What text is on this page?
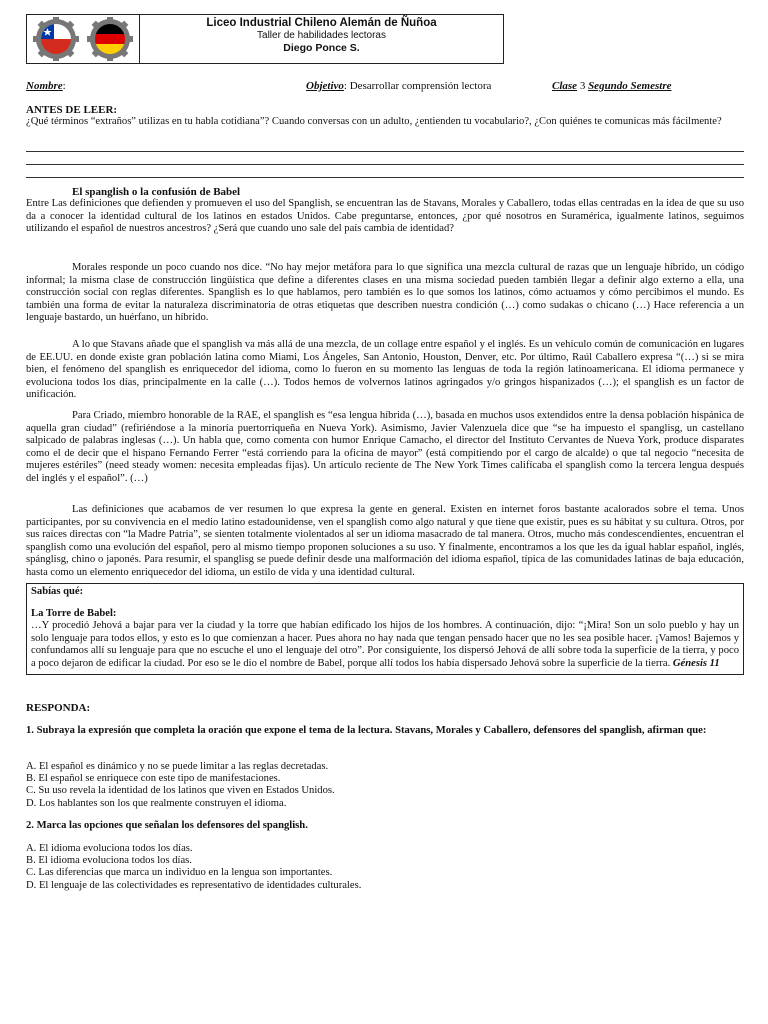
Liceo Industrial Chileno Alemán de Ñuñoa
Taller de habilidades lectoras
Diego Ponce S.
Nombre:	Objetivo: Desarrollar comprensión lectora	Clase 3 Segundo Semestre
ANTES DE LEER:
¿Qué términos “extraños” utilizas en tu habla cotidiana”? Cuando conversas con un adulto, ¿entienden tu vocabulario?, ¿Con quiénes te comunicas más fácilmente?
El spanglish o la confusión de Babel
Entre Las definiciones que defienden y promueven el uso del Spanglish, se encuentran las de Stavans, Morales y Caballero, todas ellas centradas en la idea de que su uso da a conocer la identidad cultural de los latinos en estados Unidos. Cabe preguntarse, entonces, ¿por qué nosotros en Suramérica, igualmente latinos, seguimos utilizando el español de nuestros ancestros? ¿Será que cuando uno sale del país cambia de identidad?
Morales responde un poco cuando nos dice. “No hay mejor metáfora para lo que significa una mezcla cultural de razas que un lenguaje híbrido, un código informal; la misma clase de construcción lingüística que define a diferentes clases en una misma sociedad pueden también llegar a definir algo externo a ella, una construcción social con reglas diferentes. Spanglish es lo que hablamos, pero también es lo que somos los latinos, cómo actuamos y cómo percibimos el mundo. Es también una forma de evitar la naturaleza discriminatoria de otras etiquetas que describen nuestra condición (…) como sudakas o chicano (…) Hace referencia a un lenguaje bastardo, un huérfano, un híbrido.
A lo que Stavans añade que el spanglish va más allá de una mezcla, de un collage entre español y el inglés. Es un vehículo común de comunicación en lugares de EE.UU. en donde existe gran población latina como Miami, Los Ángeles, San Antonio, Houston, Denver, etc. Por último, Raúl Caballero expresa “(…) si se mira bien, el fenómeno del spanglish es enriquecedor del idioma, como lo fueron en su momento las lenguas de toda la región latinoamericana. El idioma permanece y evoluciona todos los días, principalmente en la calle (…). Todos hemos de volvernos latinos agringados y/o gringos hispanizados (…); el spanglish es un factor de unificación.
Para Criado, miembro honorable de la RAE, el spanglish es “esa lengua híbrida (…), basada en muchos usos extendidos entre la densa población hispánica de aquella gran ciudad” (refiriéndose a la minoría puertorriqueña en Nueva York). Asimismo, Javier Valenzuela dice que “se ha impuesto el spanglisg, un castellano salpicado de palabras inglesas (…). Un habla que, como comenta con humor Enrique Camacho, el director del Instituto Cervantes de Nueva York, produce disparates como el de decir que el hispano Fernando Ferrer “está corriendo para la oficina de mayor” (está compitiendo por el cargo de alcalde) o que tal negocio “necesita de mujeres estériles” (need steady women: necesita empleadas fijas). Un artículo reciente de The New York Times califícaba el spanglish como la tercera lengua después del inglés y el español”. (…)
Las definiciones que acabamos de ver resumen lo que expresa la gente en general. Existen en internet foros bastante acalorados sobre el tema. Unos participantes, por su convivencia en el medio latino estadounidense, ven el spanglish como algo natural y que tiene que existir, pues es su hábitat y su cultura. Otros, por sus raíces directas con “la Madre Patria”, se sienten totalmente violentados al ser un idioma masacrado de tal manera. Otros, mucho más condescendientes, encuentran el spanglish como una evolución del español, pero al mismo tiempo proponen soluciones a su uso. Y finalmente, encontramos a los que les da igual hablar español, inglés, spánglisg, chino o japonés. Para resumir, el spanglisg se puede definir desde una malformación del idioma español, típica de las comunidades latinas de baja educación, hasta como un elemento enriquecedor del idioma, un estilo de vida y una identidad cultural.
Sabías qué:
La Torre de Babel:
…Y procedió Jehová a bajar para ver la ciudad y la torre que habían edificado los hijos de los hombres. A continuación, dijo: “¡Mira! Son un solo pueblo y hay un solo lenguaje para todos ellos, y esto es lo que comienzan a hacer. Pues ahora no hay nada que tengan pensado hacer que no les sea posible hacer. ¡Vamos! Bajemos y confundamos allí su lenguaje para que no escuche el uno el lenguaje del otro”. Por consiguiente, los dispersó Jehová de allí sobre toda la superficie de la tierra, y poco a poco dejaron de edificar la ciudad. Por eso se le dio el nombre de Babel, porque allí todos los había dispersado Jehová sobre la superficie de la tierra. Génesis 11
RESPONDA:
1. Subraya la expresión que completa la oración que expone el tema de la lectura. Stavans, Morales y Caballero, defensores del spanglish, afirman que:
A. El español es dinámico y no se puede limitar a las reglas decretadas.
B. El español se enriquece con este tipo de manifestaciones.
C. Su uso revela la identidad de los latinos que viven en Estados Unidos.
D. Los hablantes son los que realmente construyen el idioma.
2. Marca las opciones que señalan los defensores del spanglish.
A. El idioma evoluciona todos los días.
B. El idioma evoluciona todos los días.
C. Las diferencias que marca un individuo en la lengua son importantes.
D. El lenguaje de las colectividades es representativo de identidades culturales.
